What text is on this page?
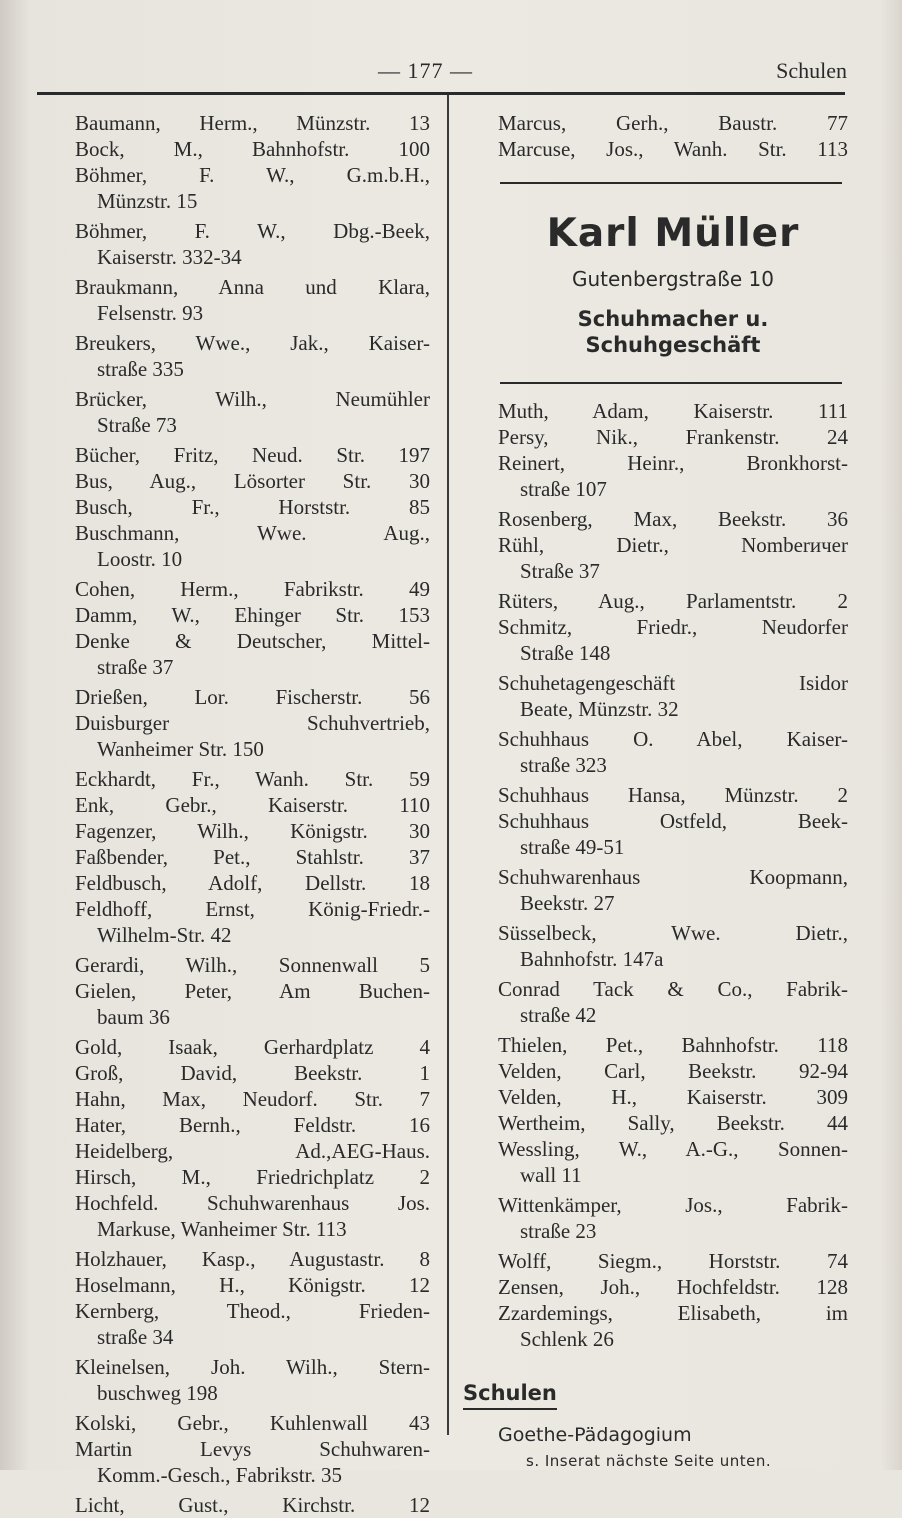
— 177 —	Schulen
Baumann, Herm., Münzstr. 13
Bock, M., Bahnhofstr. 100
Böhmer, F. W., G.m.b.H.,
Münzstr. 15
Böhmer, F. W., Dbg.-Beek,
Kaiserstr. 332-34
Braukmann, Anna und Klara,
Felsenstr. 93
Breukers, Wwe., Jak., Kaiser-
straße 335
Brücker, Wilh., Neumühler
Straße 73
Bücher, Fritz, Neud. Str. 197
Bus, Aug., Lösorter Str. 30
Busch, Fr., Horststr. 85
Buschmann, Wwe. Aug.,
Loostr. 10
Cohen, Herm., Fabrikstr. 49
Damm, W., Ehinger Str. 153
Denke & Deutscher, Mittel-
straße 37
Drießen, Lor. Fischerstr. 56
Duisburger Schuhvertrieb,
Wanheimer Str. 150
Eckhardt, Fr., Wanh. Str. 59
Enk, Gebr., Kaiserstr. 110
Fagenzer, Wilh., Königstr. 30
Faßbender, Pet., Stahlstr. 37
Feldbusch, Adolf, Dellstr. 18
Feldhoff, Ernst, König-Friedr.-
Wilhelm-Str. 42
Gerardi, Wilh., Sonnenwall 5
Gielen, Peter, Am Buchen-
baum 36
Gold, Isaak, Gerhardplatz 4
Groß, David, Beekstr. 1
Hahn, Max, Neudorf. Str. 7
Hater, Bernh., Feldstr. 16
Heidelberg, Ad.,AEG-Haus.
Hirsch, M., Friedrichplatz 2
Hochfeld. Schuhwarenhaus Jos.
Markuse, Wanheimer Str. 113
Holzhauer, Kasp., Augustastr. 8
Hoselmann, H., Königstr. 12
Kernberg, Theod., Frieden-
straße 34
Kleinelsen, Joh. Wilh., Stern-
buschweg 198
Kolski, Gebr., Kuhlenwall 43
Martin Levys Schuhwaren-
Komm.-Gesch., Fabrikstr. 35
Licht, Gust., Kirchstr. 12
Marcus, Gerh., Baustr. 77
Marcuse, Jos., Wanh. Str. 113
Karl Müller
Gutenbergstraße 10
Schuhmacher u. Schuhgeschäft
Muth, Adam, Kaiserstr. 111
Persy, Nik., Frankenstr. 24
Reinert, Heinr., Bronkhorst-
straße 107
Rosenberg, Max, Beekstr. 36
Rühl, Dietr., Nomberичer
Straße 37
Rüters, Aug., Parlamentstr. 2
Schmitz, Friedr., Neudorfer
Straße 148
Schuhetagengeschäft Isidor
Beate, Münzstr. 32
Schuhhaus O. Abel, Kaiser-
straße 323
Schuhhaus Hansa, Münzstr. 2
Schuhhaus Ostfeld, Beek-
straße 49-51
Schuhwarenhaus Koopmann,
Beekstr. 27
Süsselbeck, Wwe. Dietr.,
Bahnhofstr. 147a
Conrad Tack & Co., Fabrik-
straße 42
Thielen, Pet., Bahnhofstr. 118
Velden, Carl, Beekstr. 92-94
Velden, H., Kaiserstr. 309
Wertheim, Sally, Beekstr. 44
Wessling, W., A.-G., Sonnen-
wall 11
Wittenkämper, Jos., Fabrik-
straße 23
Wolff, Siegm., Horststr. 74
Zensen, Joh., Hochfeldstr. 128
Zzardemings, Elisabeth, im
Schlenk 26
Schulen
Goethe-Pädagogium
s. Inserat nächste Seite unten.
